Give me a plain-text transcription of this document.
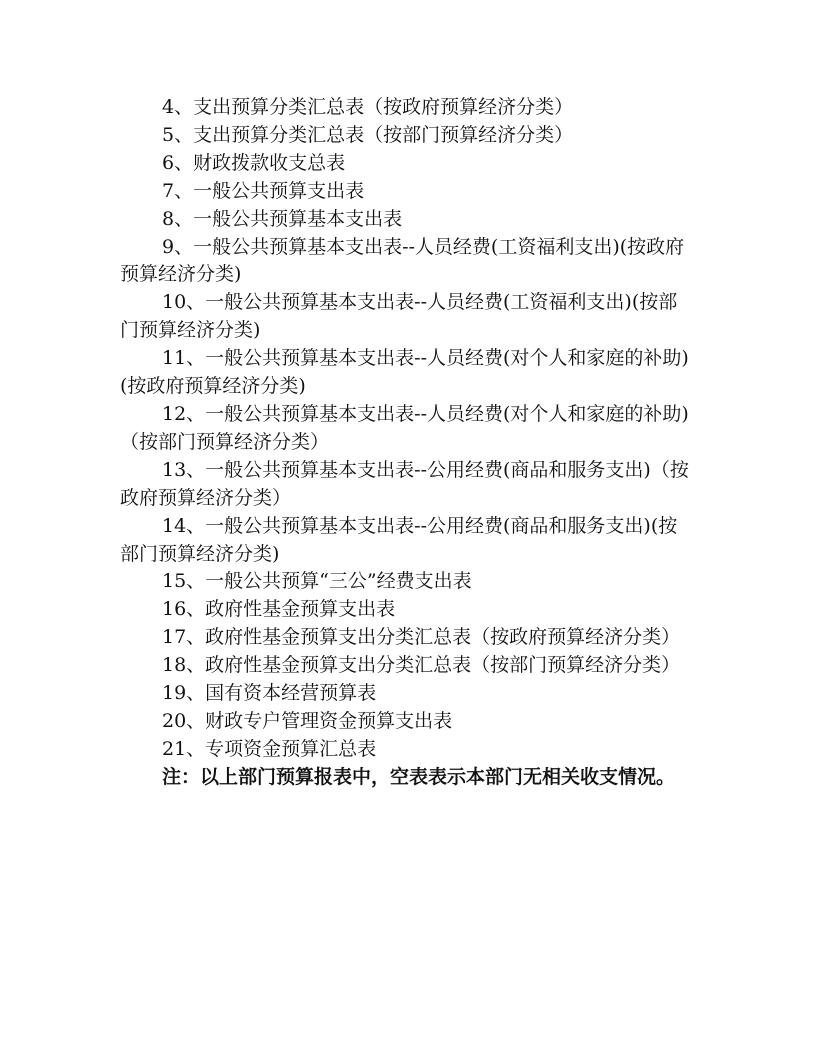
4、支出预算分类汇总表（按政府预算经济分类）

5、支出预算分类汇总表（按部门预算经济分类）

6、财政拨款收支总表

7、一般公共预算支出表

8、一般公共预算基本支出表

9、一般公共预算基本支出表--人员经费(工资福利支出)(按政府预算经济分类)

10、一般公共预算基本支出表--人员经费(工资福利支出)(按部门预算经济分类)

11、一般公共预算基本支出表--人员经费(对个人和家庭的补助)(按政府预算经济分类)

12、一般公共预算基本支出表--人员经费(对个人和家庭的补助)（按部门预算经济分类）

13、一般公共预算基本支出表--公用经费(商品和服务支出)（按政府预算经济分类）

14、一般公共预算基本支出表--公用经费(商品和服务支出)(按部门预算经济分类)

15、一般公共预算“三公”经费支出表

16、政府性基金预算支出表

17、政府性基金预算支出分类汇总表（按政府预算经济分类）

18、政府性基金预算支出分类汇总表（按部门预算经济分类）

19、国有资本经营预算表

20、财政专户管理资金预算支出表

21、专项资金预算汇总表

注：以上部门预算报表中，空表表示本部门无相关收支情况。
